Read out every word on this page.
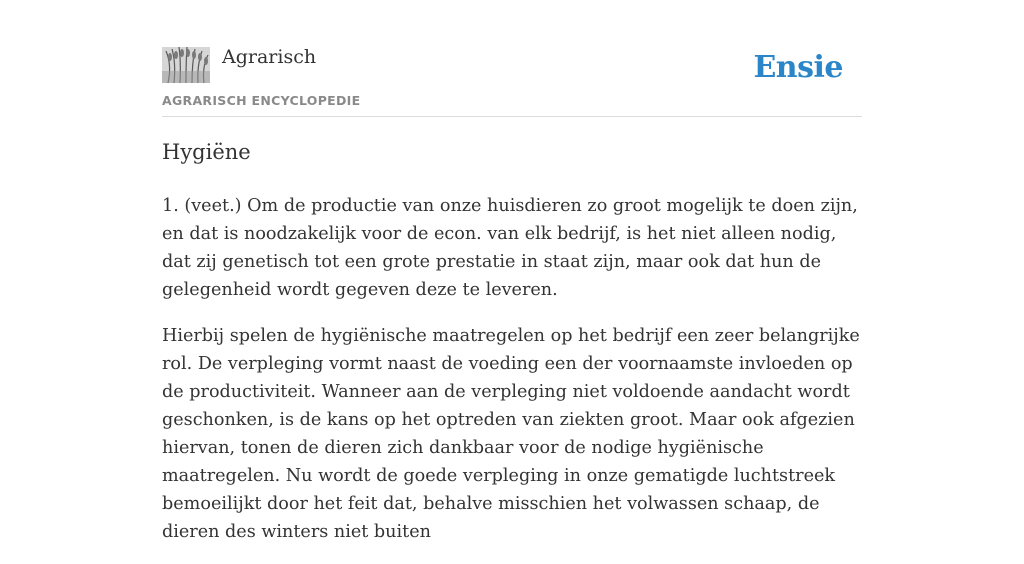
Agrarisch
AGRARISCH ENCYCLOPEDIE
Ensie
Hygiëne

1. (veet.) Om de productie van onze huisdieren zo groot mogelijk te doen zijn, en dat is noodzakelijk voor de econ. van elk bedrijf, is het niet alleen nodig, dat zij genetisch tot een grote prestatie in staat zijn, maar ook dat hun de gelegenheid wordt gegeven deze te leveren.

Hierbij spelen de hygiënische maatregelen op het bedrijf een zeer belangrijke rol. De verpleging vormt naast de voeding een der voornaamste invloeden op de productiviteit. Wanneer aan de verpleging niet voldoende aandacht wordt geschonken, is de kans op het optreden van ziekten groot. Maar ook afgezien hiervan, tonen de dieren zich dankbaar voor de nodige hygiënische maatregelen. Nu wordt de goede verpleging in onze gematigde luchtstreek bemoeilijkt door het feit dat, behalve misschien het volwassen schaap, de dieren des winters niet buiten
